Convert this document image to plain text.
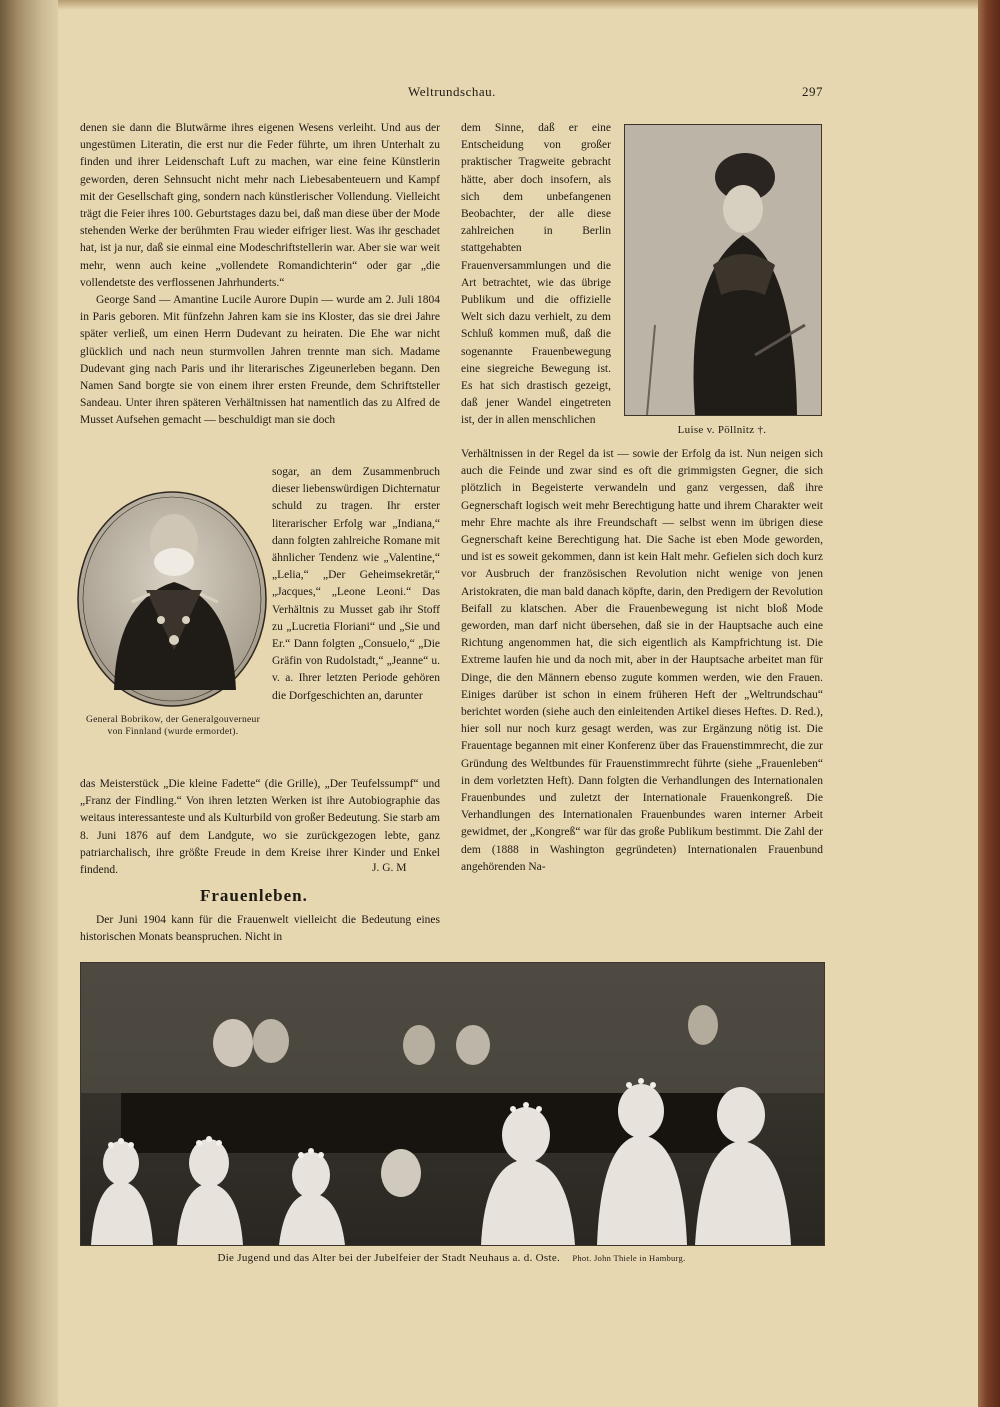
Weltrundschau.	297

denen sie dann die Blutwärme ihres eigenen Wesens verleiht. Und aus der ungestümen Literatin, die erst nur die Feder führte, um ihren Unterhalt zu finden und ihrer Leidenschaft Luft zu machen, war eine feine Künstlerin geworden, deren Sehnsucht nicht mehr nach Liebesabenteuern und Kampf mit der Gesellschaft ging, sondern nach künstlerischer Vollendung. Vielleicht trägt die Feier ihres 100. Geburtstages dazu bei, daß man diese über der Mode stehenden Werke der berühmten Frau wieder eifriger liest. Was ihr geschadet hat, ist ja nur, daß sie einmal eine Modeschriftstellerin war. Aber sie war weit mehr, wenn auch keine „vollendete Romandichterin“ oder gar „die vollendetste des verflossenen Jahrhunderts.“

George Sand — Amantine Lucile Aurore Dupin — wurde am 2. Juli 1804 in Paris geboren. Mit fünfzehn Jahren kam sie ins Kloster, das sie drei Jahre später verließ, um einen Herrn Dudevant zu heiraten. Die Ehe war nicht glücklich und nach neun sturmvollen Jahren trennte man sich. Madame Dudevant ging nach Paris und ihr literarisches Zigeunerleben begann. Den Namen Sand borgte sie von einem ihrer ersten Freunde, dem Schriftsteller Sandeau. Unter ihren späteren Verhältnissen hat namentlich das zu Alfred de Musset Aufsehen gemacht — beschuldigt man sie doch

General Bobrikow, der Generalgouverneur von Finnland (wurde ermordet).

sogar, an dem Zusammenbruch dieser liebenswürdigen Dichternatur schuld zu tragen. Ihr erster literarischer Erfolg war „Indiana,“ dann folgten zahlreiche Romane mit ähnlicher Tendenz wie „Valentine,“ „Lelia,“ „Der Geheimsekretär,“ „Jacques,“ „Leone Leoni.“ Das Verhältnis zu Musset gab ihr Stoff zu „Lucretia Floriani“ und „Sie und Er.“ Dann folgten „Consuelo,“ „Die Gräfin von Rudolstadt,“ „Jeanne“ u. v. a. Ihrer letzten Periode gehören die Dorfgeschichten an, darunter

das Meisterstück „Die kleine Fadette“ (die Grille), „Der Teufelssumpf“ und „Franz der Findling.“ Von ihren letzten Werken ist ihre Autobiographie das weitaus interessanteste und als Kulturbild von großer Bedeutung. Sie starb am 8. Juni 1876 auf dem Landgute, wo sie zurückgezogen lebte, ganz patriarchalisch, ihre größte Freude in dem Kreise ihrer Kinder und Enkel findend.	J. G. M
Frauenleben.

Der Juni 1904 kann für die Frauenwelt vielleicht die Bedeutung eines historischen Monats beanspruchen. Nicht in

dem Sinne, daß er eine Entscheidung von großer praktischer Tragweite gebracht hätte, aber doch insofern, als sich dem unbefangenen Beobachter, der alle diese zahlreichen in Berlin stattgehabten Frauenversammlungen und die Art betrachtet, wie das übrige Publikum und die offizielle Welt sich dazu verhielt, zu dem Schluß kommen muß, daß die sogenannte Frauenbewegung eine siegreiche Bewegung ist. Es hat sich drastisch gezeigt, daß jener Wandel eingetreten ist, der in allen menschlichen

Luise v. Pöllnitz †.

Verhältnissen in der Regel da ist — sowie der Erfolg da ist. Nun neigen sich auch die Feinde und zwar sind es oft die grimmigsten Gegner, die sich plötzlich in Begeisterte verwandeln und ganz vergessen, daß ihre Gegnerschaft logisch weit mehr Berechtigung hatte und ihrem Charakter weit mehr Ehre machte als ihre Freundschaft — selbst wenn im übrigen diese Gegnerschaft keine Berechtigung hat. Die Sache ist eben Mode geworden, und ist es soweit gekommen, dann ist kein Halt mehr. Gefielen sich doch kurz vor Ausbruch der französischen Revolution nicht wenige von jenen Aristokraten, die man bald danach köpfte, darin, den Predigern der Revolution Beifall zu klatschen. Aber die Frauenbewegung ist nicht bloß Mode geworden, man darf nicht übersehen, daß sie in der Hauptsache auch eine Richtung angenommen hat, die sich eigentlich als Kampfrichtung ist. Die Extreme laufen hie und da noch mit, aber in der Hauptsache arbeitet man für Dinge, die den Männern ebenso zugute kommen werden, wie den Frauen. Einiges darüber ist schon in einem früheren Heft der „Weltrundschau“ berichtet worden (siehe auch den einleitenden Artikel dieses Heftes. D. Red.), hier soll nur noch kurz gesagt werden, was zur Ergänzung nötig ist. Die Frauentage begannen mit einer Konferenz über das Frauenstimmrecht, die zur Gründung des Weltbundes für Frauenstimmrecht führte (siehe „Frauenleben“ in dem vorletzten Heft). Dann folgten die Verhandlungen des Internationalen Frauenbundes und zuletzt der Internationale Frauenkongreß. Die Verhandlungen des Internationalen Frauenbundes waren interner Arbeit gewidmet, der „Kongreß“ war für das große Publikum bestimmt. Die Zahl der dem (1888 in Washington gegründeten) Internationalen Frauenbund angehörenden Na-

Die Jugend und das Alter bei der Jubelfeier der Stadt Neuhaus a. d. Oste. Phot. John Thiele in Hamburg.
